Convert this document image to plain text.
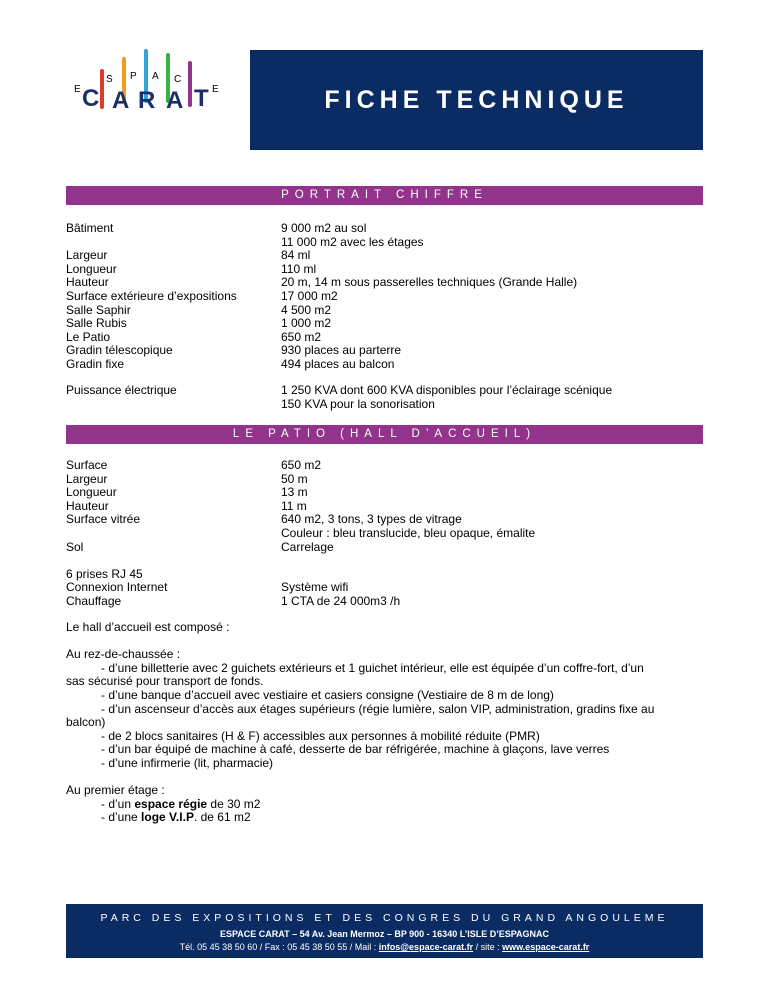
E
S P A C
E
C A R A T	FICHE TECHNIQUE
PORTRAIT CHIFFRE
Bâtiment	9 000 m2 au sol
11 000 m2 avec les étages
Largeur	84 ml
Longueur	110 ml
Hauteur	20 m, 14 m sous passerelles techniques (Grande Halle)
Surface extérieure d’expositions	17 000 m2
Salle Saphir	4 500 m2
Salle Rubis	1 000 m2
Le Patio	650 m2
Gradin télescopique	930 places au parterre
Gradin fixe	494 places au balcon
Puissance électrique	1 250 KVA dont 600 KVA disponibles pour l’éclairage scénique
150 KVA pour la sonorisation
LE PATIO (HALL D’ACCUEIL)
Surface	650 m2
Largeur	50 m
Longueur	13 m
Hauteur	11 m
Surface vitrée	640 m2, 3 tons, 3 types de vitrage
Couleur : bleu translucide, bleu opaque, émalite
Sol	Carrelage
6 prises RJ 45
Connexion Internet	Système wifi
Chauffage	1 CTA de 24 000m3 /h
Le hall d’accueil est composé :
Au rez-de-chaussée :
- d’une billetterie avec 2 guichets extérieurs et 1 guichet intérieur, elle est équipée d’un coffre-fort, d’un
sas sécurisé pour transport de fonds.
- d’une banque d’accueil avec vestiaire et casiers consigne (Vestiaire de 8 m de long)
- d’un ascenseur d’accès aux étages supérieurs (régie lumière, salon VIP, administration, gradins fixe au
balcon)
- de 2 blocs sanitaires (H & F) accessibles aux personnes à mobilité réduite (PMR)
- d’un bar équipé de machine à café, desserte de bar réfrigérée, machine à glaçons, lave verres
- d’une infirmerie (lit, pharmacie)
Au premier étage :
- d’un espace régie de 30 m2
- d’une loge V.I.P. de 61 m2
PARC DES EXPOSITIONS ET DES CONGRES DU GRAND ANGOULEME
ESPACE CARAT – 54 Av. Jean Mermoz – BP 900 - 16340 L’ISLE D’ESPAGNAC
Tél. 05 45 38 50 60 / Fax : 05 45 38 50 55 / Mail : infos@espace-carat.fr / site : www.espace-carat.fr
